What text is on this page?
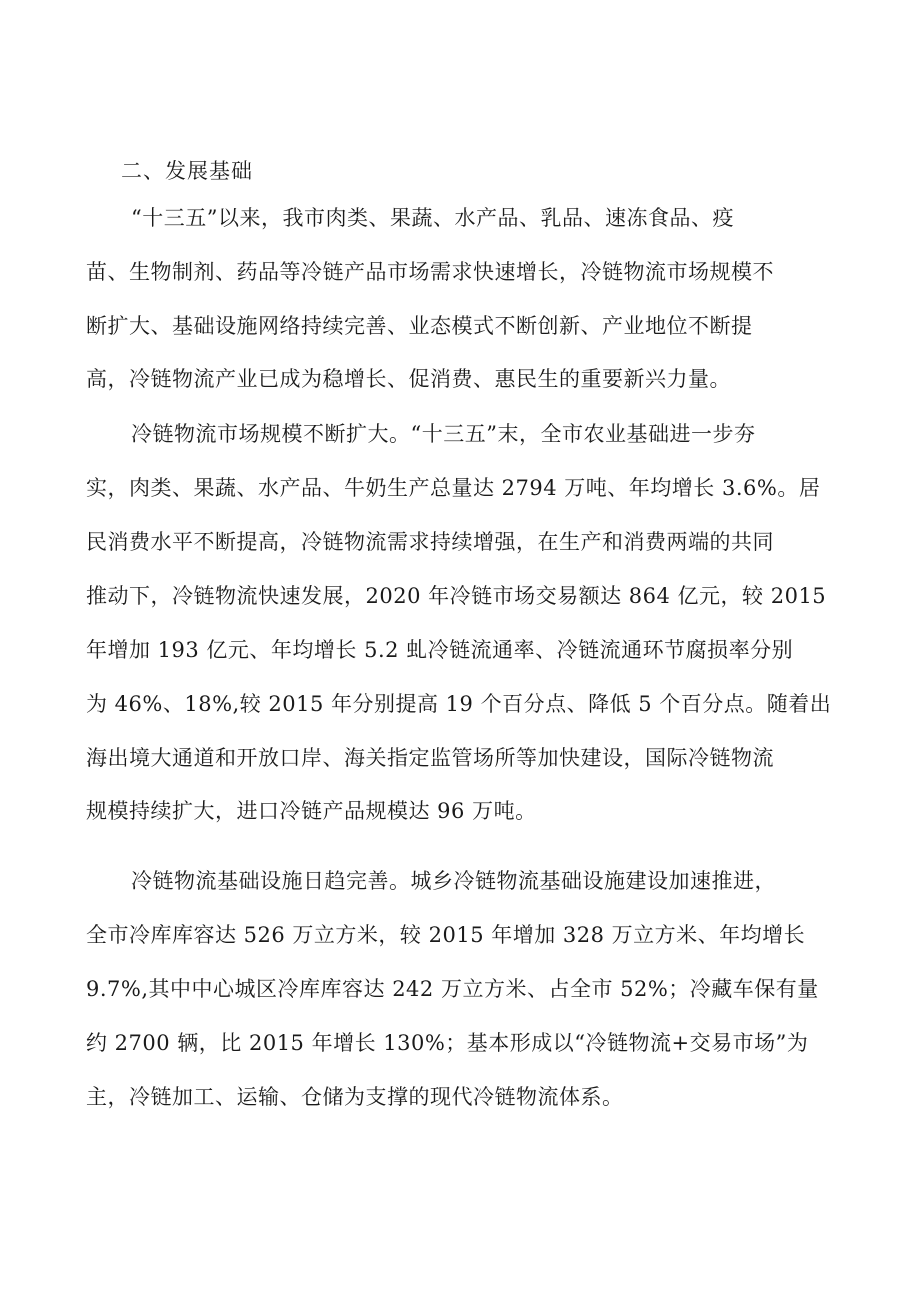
二、发展基础
“十三五”以来，我市肉类、果蔬、水产品、乳品、速冻食品、疫
苗、生物制剂、药品等冷链产品市场需求快速增长，冷链物流市场规模不
断扩大、基础设施网络持续完善、业态模式不断创新、产业地位不断提
高，冷链物流产业已成为稳增长、促消费、惠民生的重要新兴力量。
冷链物流市场规模不断扩大。“十三五”末，全市农业基础进一步夯
实，肉类、果蔬、水产品、牛奶生产总量达 2794 万吨、年均增长 3.6%。居
民消费水平不断提高，冷链物流需求持续增强，在生产和消费两端的共同
推动下，冷链物流快速发展，2020 年冷链市场交易额达 864 亿元，较 2015
年增加 193 亿元、年均增长 5.2 虬冷链流通率、冷链流通环节腐损率分别
为 46%、18%,较 2015 年分别提高 19 个百分点、降低 5 个百分点。随着出
海出境大通道和开放口岸、海关指定监管场所等加快建设，国际冷链物流
规模持续扩大，进口冷链产品规模达 96 万吨。
冷链物流基础设施日趋完善。城乡冷链物流基础设施建设加速推进，
全市冷库库容达 526 万立方米，较 2015 年增加 328 万立方米、年均增长
9.7%,其中中心城区冷库库容达 242 万立方米、占全市 52%；冷藏车保有量
约 2700 辆，比 2015 年增长 130%；基本形成以“冷链物流+交易市场”为
主，冷链加工、运输、仓储为支撑的现代冷链物流体系。
